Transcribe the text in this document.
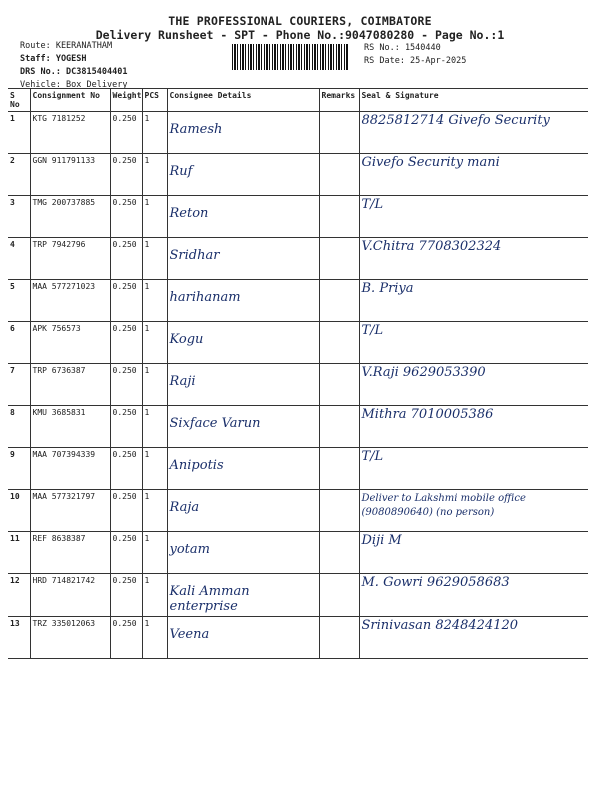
THE PROFESSIONAL COURIERS, COIMBATORE
Delivery Runsheet - SPT - Phone No.:9047080280 - Page No.:1
Route: KEERANATHAM
Staff: YOGESH
DRS No.: DC3815404401
Vehicle: Box Delivery
RS No.: 1540440
RS Date: 25-Apr-2025
S No	Consignment No	Weight	PCS	Consignee Details	Remarks	Seal & Signature
1	KTG 7181252	0.250	1	Ramesh		8825812714 Givefo Security

2	GGN 911791133	0.250	1	Ruf		Givefo Security mani

3	TMG 200737885	0.250	1	Reton		T/L

4	TRP 7942796	0.250	1	Sridhar		V.Chitra 7708302324

5	MAA 577271023	0.250	1	harihanam		B. Priya

6	APK 756573	0.250	1	Kogu		T/L

7	TRP 6736387	0.250	1	Raji		V.Raji 9629053390

8	KMU 3685831	0.250	1	Sixface Varun		Mithra 7010005386

9	MAA 707394339	0.250	1	Anipotis		T/L

10	MAA 577321797	0.250	1	Raja		Deliver to Lakshmi mobile office (9080890640) (no person)

11	REF 8638387	0.250	1	yotam		Diji M

12	HRD 714821742	0.250	1	Kali Amman enterprise		M. Gowri 9629058683

13	TRZ 335012063	0.250	1	Veena		Srinivasan 8248424120
